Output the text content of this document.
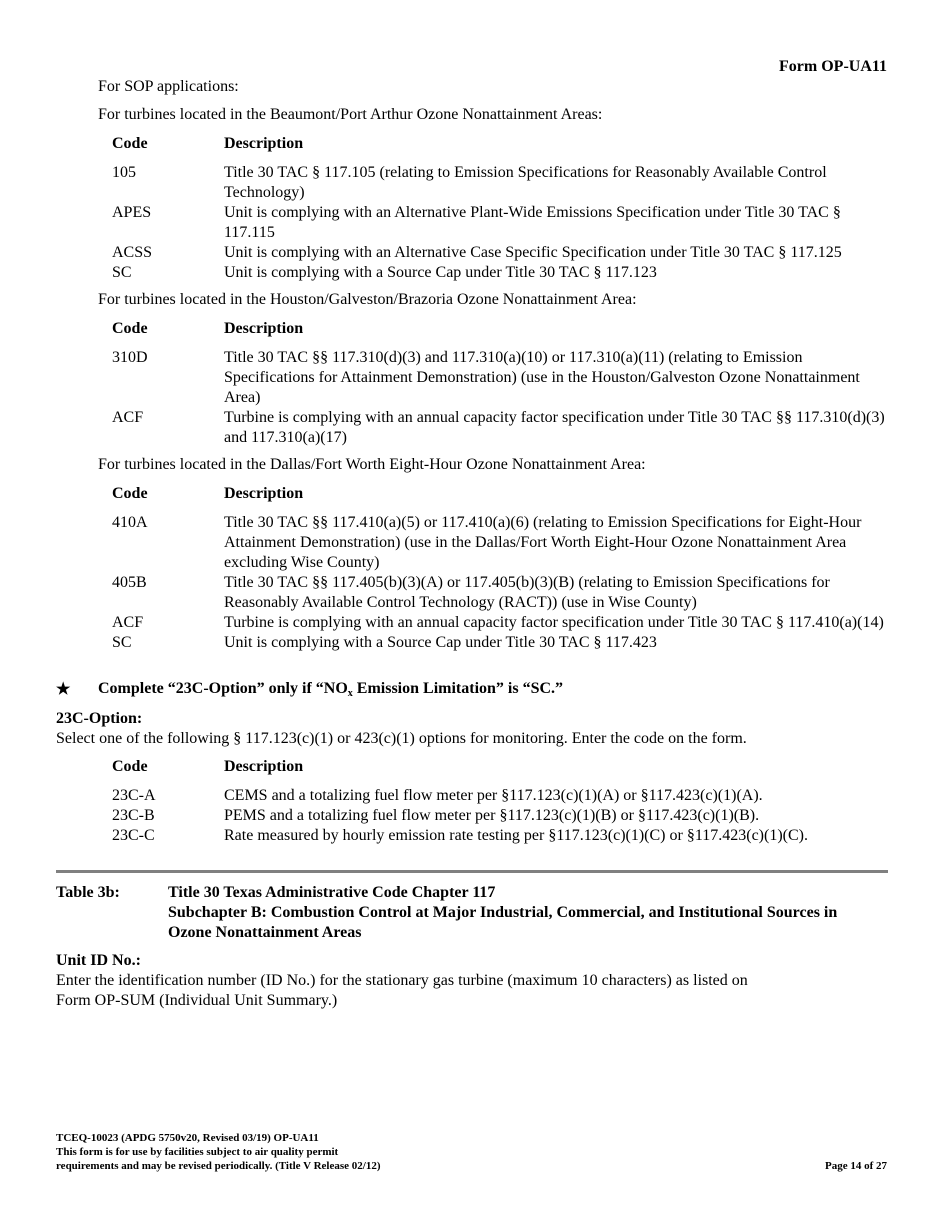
Form OP-UA11
For SOP applications:
For turbines located in the Beaumont/Port Arthur Ozone Nonattainment Areas:
Code	Description
105	Title 30 TAC § 117.105 (relating to Emission Specifications for Reasonably Available Control Technology)
APES	Unit is complying with an Alternative Plant-Wide Emissions Specification under Title 30 TAC § 117.115
ACSS	Unit is complying with an Alternative Case Specific Specification under Title 30 TAC § 117.125
SC	Unit is complying with a Source Cap under Title 30 TAC § 117.123
For turbines located in the Houston/Galveston/Brazoria Ozone Nonattainment Area:
Code	Description
310D	Title 30 TAC §§ 117.310(d)(3) and 117.310(a)(10) or 117.310(a)(11) (relating to Emission Specifications for Attainment Demonstration) (use in the Houston/Galveston Ozone Nonattainment Area)
ACF	Turbine is complying with an annual capacity factor specification under Title 30 TAC §§ 117.310(d)(3) and 117.310(a)(17)
For turbines located in the Dallas/Fort Worth Eight-Hour Ozone Nonattainment Area:
Code	Description
410A	Title 30 TAC §§ 117.410(a)(5) or 117.410(a)(6) (relating to Emission Specifications for Eight-Hour Attainment Demonstration) (use in the Dallas/Fort Worth Eight-Hour Ozone Nonattainment Area excluding Wise County)
405B	Title 30 TAC §§ 117.405(b)(3)(A) or 117.405(b)(3)(B) (relating to Emission Specifications for Reasonably Available Control Technology (RACT)) (use in Wise County)
ACF	Turbine is complying with an annual capacity factor specification under Title 30 TAC § 117.410(a)(14)
SC	Unit is complying with a Source Cap under Title 30 TAC § 117.423
★ Complete “23C-Option” only if “$NO_x$ Emission Limitation” is “SC.”
23C-Option:
Select one of the following § 117.123(c)(1) or 423(c)(1) options for monitoring. Enter the code on the form.
Code	Description
23C-A	CEMS and a totalizing fuel flow meter per §117.123(c)(1)(A) or §117.423(c)(1)(A).
23C-B	PEMS and a totalizing fuel flow meter per §117.123(c)(1)(B) or §117.423(c)(1)(B).
23C-C	Rate measured by hourly emission rate testing per §117.123(c)(1)(C) or §117.423(c)(1)(C).
Table 3b:	Title 30 Texas Administrative Code Chapter 117
Subchapter B: Combustion Control at Major Industrial, Commercial, and Institutional Sources in
Ozone Nonattainment Areas
Unit ID No.:
Enter the identification number (ID No.) for the stationary gas turbine (maximum 10 characters) as listed on
Form OP-SUM (Individual Unit Summary.)
TCEQ-10023 (APDG 5750v20, Revised 03/19) OP-UA11
This form is for use by facilities subject to air quality permit
requirements and may be revised periodically. (Title V Release 02/12)	Page 14 of 27
